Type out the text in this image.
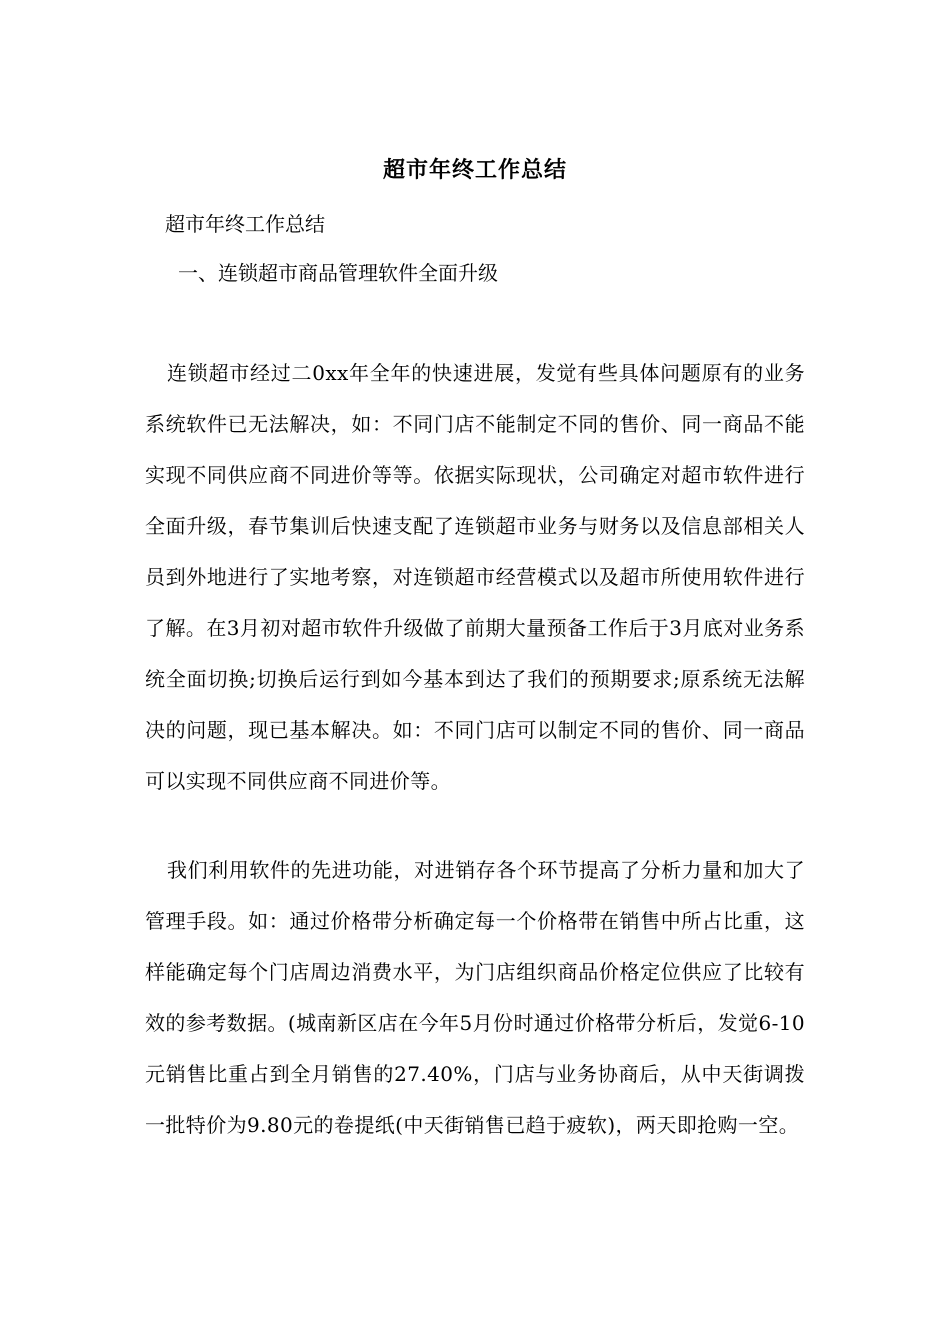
超市年终工作总结
超市年终工作总结
一、连锁超市商品管理软件全面升级

连锁超市经过二0xx年全年的快速进展，发觉有些具体问题原有的业务系统软件已无法解决，如：不同门店不能制定不同的售价、同一商品不能实现不同供应商不同进价等等。依据实际现状，公司确定对超市软件进行全面升级，春节集训后快速支配了连锁超市业务与财务以及信息部相关人员到外地进行了实地考察，对连锁超市经营模式以及超市所使用软件进行了解。在3月初对超市软件升级做了前期大量预备工作后于3月底对业务系统全面切换;切换后运行到如今基本到达了我们的预期要求;原系统无法解决的问题，现已基本解决。如：不同门店可以制定不同的售价、同一商品可以实现不同供应商不同进价等。

我们利用软件的先进功能，对进销存各个环节提高了分析力量和加大了管理手段。如：通过价格带分析确定每一个价格带在销售中所占比重，这样能确定每个门店周边消费水平，为门店组织商品价格定位供应了比较有效的参考数据。(城南新区店在今年5月份时通过价格带分析后，发觉6-10元销售比重占到全月销售的27.40%，门店与业务协商后，从中天街调拨一批特价为9.80元的卷提纸(中天街销售已趋于疲软)，两天即抢购一空。
